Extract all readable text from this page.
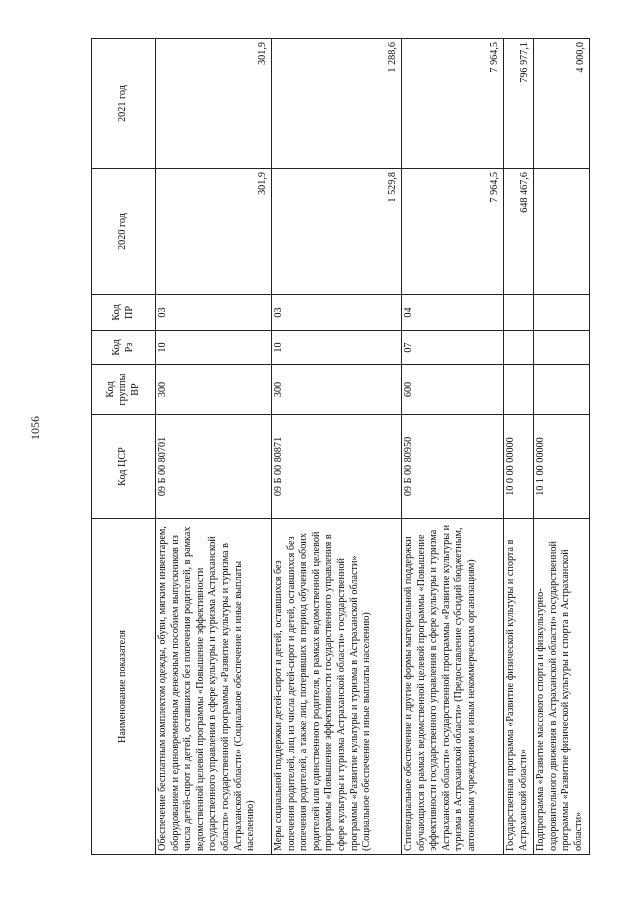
1056
Наименование показателя	Код ЦСР	Код группы ВР	Код Рз	Код ПР	2020 год	2021 год
Обеспечение бесплатным комплектом одежды, обуви, мягким инвентарем, оборудованием и единовременным денежным пособием выпускников из числа детей-сирот и детей, оставшихся без попечения родителей, в рамках ведомственной целевой программы «Повышение эффективности государственного управления в сфере культуры и туризма Астраханской области» государственной программы «Развитие культуры и туризма в Астраханской области» (Социальное обеспечение и иные выплаты населению)	09 Б 00 80701	300	10	03	301,9	301,9
Меры социальной поддержки детей-сирот и детей, оставшихся без попечения родителей, лиц из числа детей-сирот и детей, оставшихся без попечения родителей, а также лиц, потерявших в период обучения обоих родителей или единственного родителя, в рамках ведомственной целевой программы «Повышение эффективности государственного управления в сфере культуры и туризма Астраханской области» государственной программы «Развитие культуры и туризма в Астраханской области» (Социальное обеспечение и иные выплаты населению)	09 Б 00 80871	300	10	03	1 529,8	1 288,6
Стипендиальное обеспечение и другие формы материальной поддержки обучающихся в рамках ведомственной целевой программы «Повышение эффективности государственного управления в сфере культуры и туризма Астраханской области» государственной программы «Развитие культуры и туризма в Астраханской области» (Предоставление субсидий бюджетным, автономным учреждениям и иным некоммерческим организациям)	09 Б 00 80950	600	07	04	7 964,5	7 964,5
Государственная программа «Развитие физической культуры и спорта в Астраханской области»	10 0 00 00000				648 467,6	796 977,1
Подпрограмма «Развитие массового спорта и физкультурно-оздоровительного движения в Астраханской области» государственной программы «Развитие физической культуры и спорта в Астраханской области»	10 1 00 00000					4 000,0
